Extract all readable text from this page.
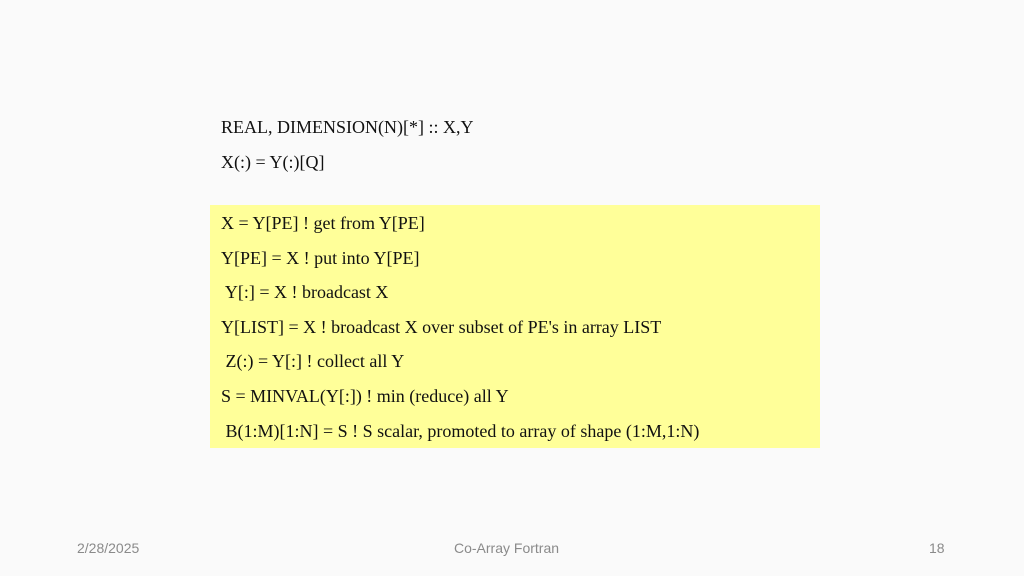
REAL, DIMENSION(N)[*] :: X,Y
X(:) = Y(:)[Q]
X = Y[PE] ! get from Y[PE]
Y[PE] = X ! put into Y[PE]
Y[:] = X ! broadcast X
Y[LIST] = X ! broadcast X over subset of PE's in array LIST
Z(:) = Y[:] ! collect all Y
S = MINVAL(Y[:]) ! min (reduce) all Y
B(1:M)[1:N] = S ! S scalar, promoted to array of shape (1:M,1:N)
2/28/2025	Co-Array Fortran	18
